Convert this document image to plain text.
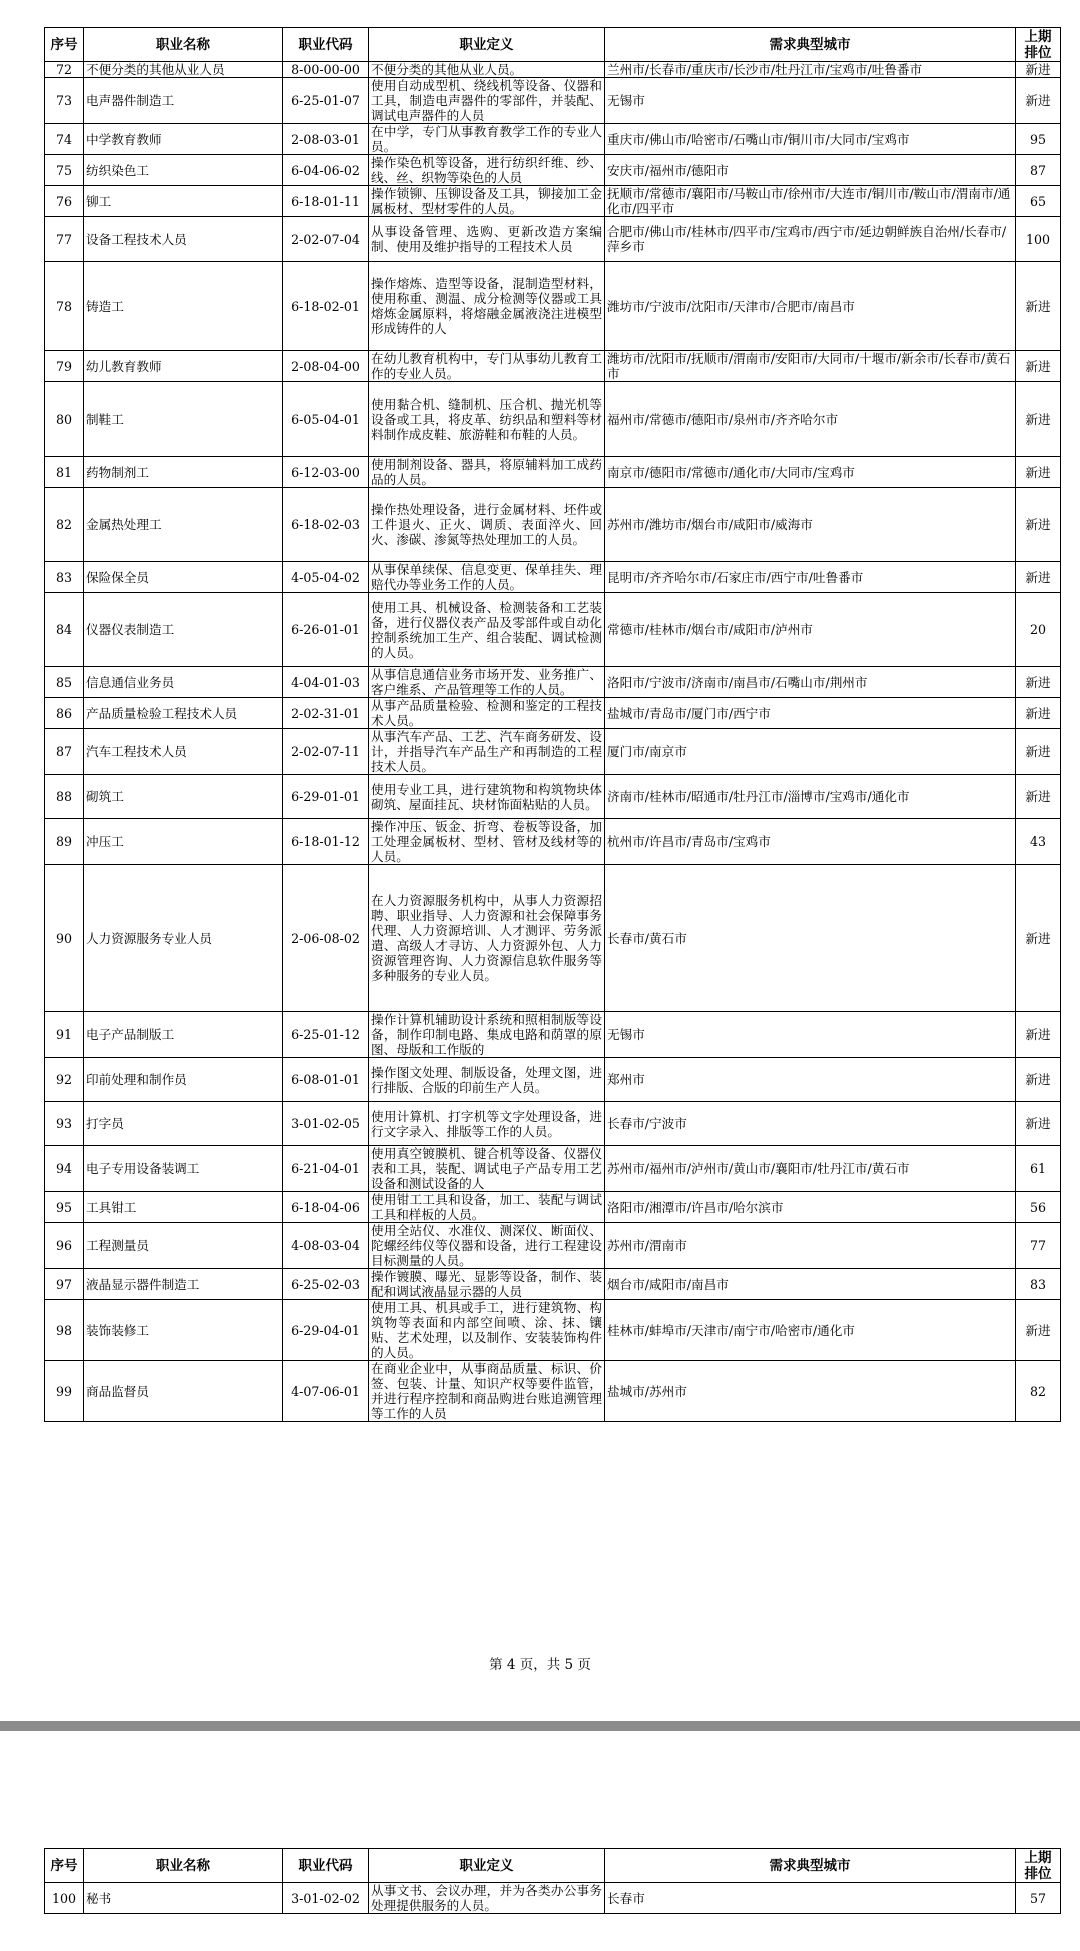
序号	职业名称	职业代码	职业定义	需求典型城市	上期排位
72	不便分类的其他从业人员	8-00-00-00	不便分类的其他从业人员。	兰州市/长春市/重庆市/长沙市/牡丹江市/宝鸡市/吐鲁番市	新进
73	电声器件制造工	6-25-01-07	使用自动成型机、绕线机等设备、仪器和工具，制造电声器件的零部件，并装配、调试电声器件的人员	无锡市	新进
74	中学教育教师	2-08-03-01	在中学，专门从事教育教学工作的专业人员。	重庆市/佛山市/哈密市/石嘴山市/铜川市/大同市/宝鸡市	95
75	纺织染色工	6-04-06-02	操作染色机等设备，进行纺织纤维、纱、线、丝、织物等染色的人员	安庆市/福州市/德阳市	87
76	铆工	6-18-01-11	操作锁铆、压铆设备及工具，铆接加工金属板材、型材零件的人员。	抚顺市/常德市/襄阳市/马鞍山市/徐州市/大连市/铜川市/鞍山市/渭南市/通化市/四平市	65
77	设备工程技术人员	2-02-07-04	从事设备管理、选购、更新改造方案编制、使用及维护指导的工程技术人员	合肥市/佛山市/桂林市/四平市/宝鸡市/西宁市/延边朝鲜族自治州/长春市/萍乡市	100
78	铸造工	6-18-02-01	操作熔炼、造型等设备，混制造型材料，使用称重、测温、成分检测等仪器或工具熔炼金属原料，将熔融金属液浇注进模型形成铸件的人	潍坊市/宁波市/沈阳市/天津市/合肥市/南昌市	新进
79	幼儿教育教师	2-08-04-00	在幼儿教育机构中，专门从事幼儿教育工作的专业人员。	潍坊市/沈阳市/抚顺市/渭南市/安阳市/大同市/十堰市/新余市/长春市/黄石市	新进
80	制鞋工	6-05-04-01	使用黏合机、缝制机、压合机、抛光机等设备或工具，将皮革、纺织品和塑料等材料制作成皮鞋、旅游鞋和布鞋的人员。	福州市/常德市/德阳市/泉州市/齐齐哈尔市	新进
81	药物制剂工	6-12-03-00	使用制剂设备、器具，将原辅料加工成药品的人员。	南京市/德阳市/常德市/通化市/大同市/宝鸡市	新进
82	金属热处理工	6-18-02-03	操作热处理设备，进行金属材料、坯件或工件退火、正火、调质、表面淬火、回火、渗碳、渗氮等热处理加工的人员。	苏州市/潍坊市/烟台市/咸阳市/威海市	新进
83	保险保全员	4-05-04-02	从事保单续保、信息变更、保单挂失、理赔代办等业务工作的人员。	昆明市/齐齐哈尔市/石家庄市/西宁市/吐鲁番市	新进
84	仪器仪表制造工	6-26-01-01	使用工具、机械设备、检测装备和工艺装备，进行仪器仪表产品及零部件或自动化控制系统加工生产、组合装配、调试检测的人员。	常德市/桂林市/烟台市/咸阳市/泸州市	20
85	信息通信业务员	4-04-01-03	从事信息通信业务市场开发、业务推广、客户维系、产品管理等工作的人员。	洛阳市/宁波市/济南市/南昌市/石嘴山市/荆州市	新进
86	产品质量检验工程技术人员	2-02-31-01	从事产品质量检验、检测和鉴定的工程技术人员。	盐城市/青岛市/厦门市/西宁市	新进
87	汽车工程技术人员	2-02-07-11	从事汽车产品、工艺、汽车商务研发、设计，并指导汽车产品生产和再制造的工程技术人员。	厦门市/南京市	新进
88	砌筑工	6-29-01-01	使用专业工具，进行建筑物和构筑物块体砌筑、屋面挂瓦、块材饰面粘贴的人员。	济南市/桂林市/昭通市/牡丹江市/淄博市/宝鸡市/通化市	新进
89	冲压工	6-18-01-12	操作冲压、钣金、折弯、卷板等设备，加工处理金属板材、型材、管材及线材等的人员。	杭州市/许昌市/青岛市/宝鸡市	43
90	人力资源服务专业人员	2-06-08-02	在人力资源服务机构中，从事人力资源招聘、职业指导、人力资源和社会保障事务代理、人力资源培训、人才测评、劳务派遣、高级人才寻访、人力资源外包、人力资源管理咨询、人力资源信息软件服务等多种服务的专业人员。	长春市/黄石市	新进
91	电子产品制版工	6-25-01-12	操作计算机辅助设计系统和照相制版等设备，制作印制电路、集成电路和荫罩的原图、母版和工作版的	无锡市	新进
92	印前处理和制作员	6-08-01-01	操作图文处理、制版设备，处理文图，进行排版、合版的印前生产人员。	郑州市	新进
93	打字员	3-01-02-05	使用计算机、打字机等文字处理设备，进行文字录入、排版等工作的人员。	长春市/宁波市	新进
94	电子专用设备装调工	6-21-04-01	使用真空镀膜机、键合机等设备、仪器仪表和工具，装配、调试电子产品专用工艺设备和测试设备的人	苏州市/福州市/泸州市/黄山市/襄阳市/牡丹江市/黄石市	61
95	工具钳工	6-18-04-06	使用钳工工具和设备，加工、装配与调试工具和样板的人员。	洛阳市/湘潭市/许昌市/哈尔滨市	56
96	工程测量员	4-08-03-04	使用全站仪、水准仪、测深仪、断面仪、陀螺经纬仪等仪器和设备，进行工程建设目标测量的人员。	苏州市/渭南市	77
97	液晶显示器件制造工	6-25-02-03	操作镀膜、曝光、显影等设备，制作、装配和调试液晶显示器的人员	烟台市/咸阳市/南昌市	83
98	装饰装修工	6-29-04-01	使用工具、机具或手工，进行建筑物、构筑物等表面和内部空间喷、涂、抹、镶贴、艺术处理，以及制作、安装装饰构件的人员。	桂林市/蚌埠市/天津市/南宁市/哈密市/通化市	新进
99	商品监督员	4-07-06-01	在商业企业中，从事商品质量、标识、价签、包装、计量、知识产权等要件监管，并进行程序控制和商品购进台账追溯管理等工作的人员	盐城市/苏州市	82
第 4 页，共 5 页
序号	职业名称	职业代码	职业定义	需求典型城市	上期排位
100	秘书	3-01-02-02	从事文书、会议办理，并为各类办公事务处理提供服务的人员。	长春市	57
